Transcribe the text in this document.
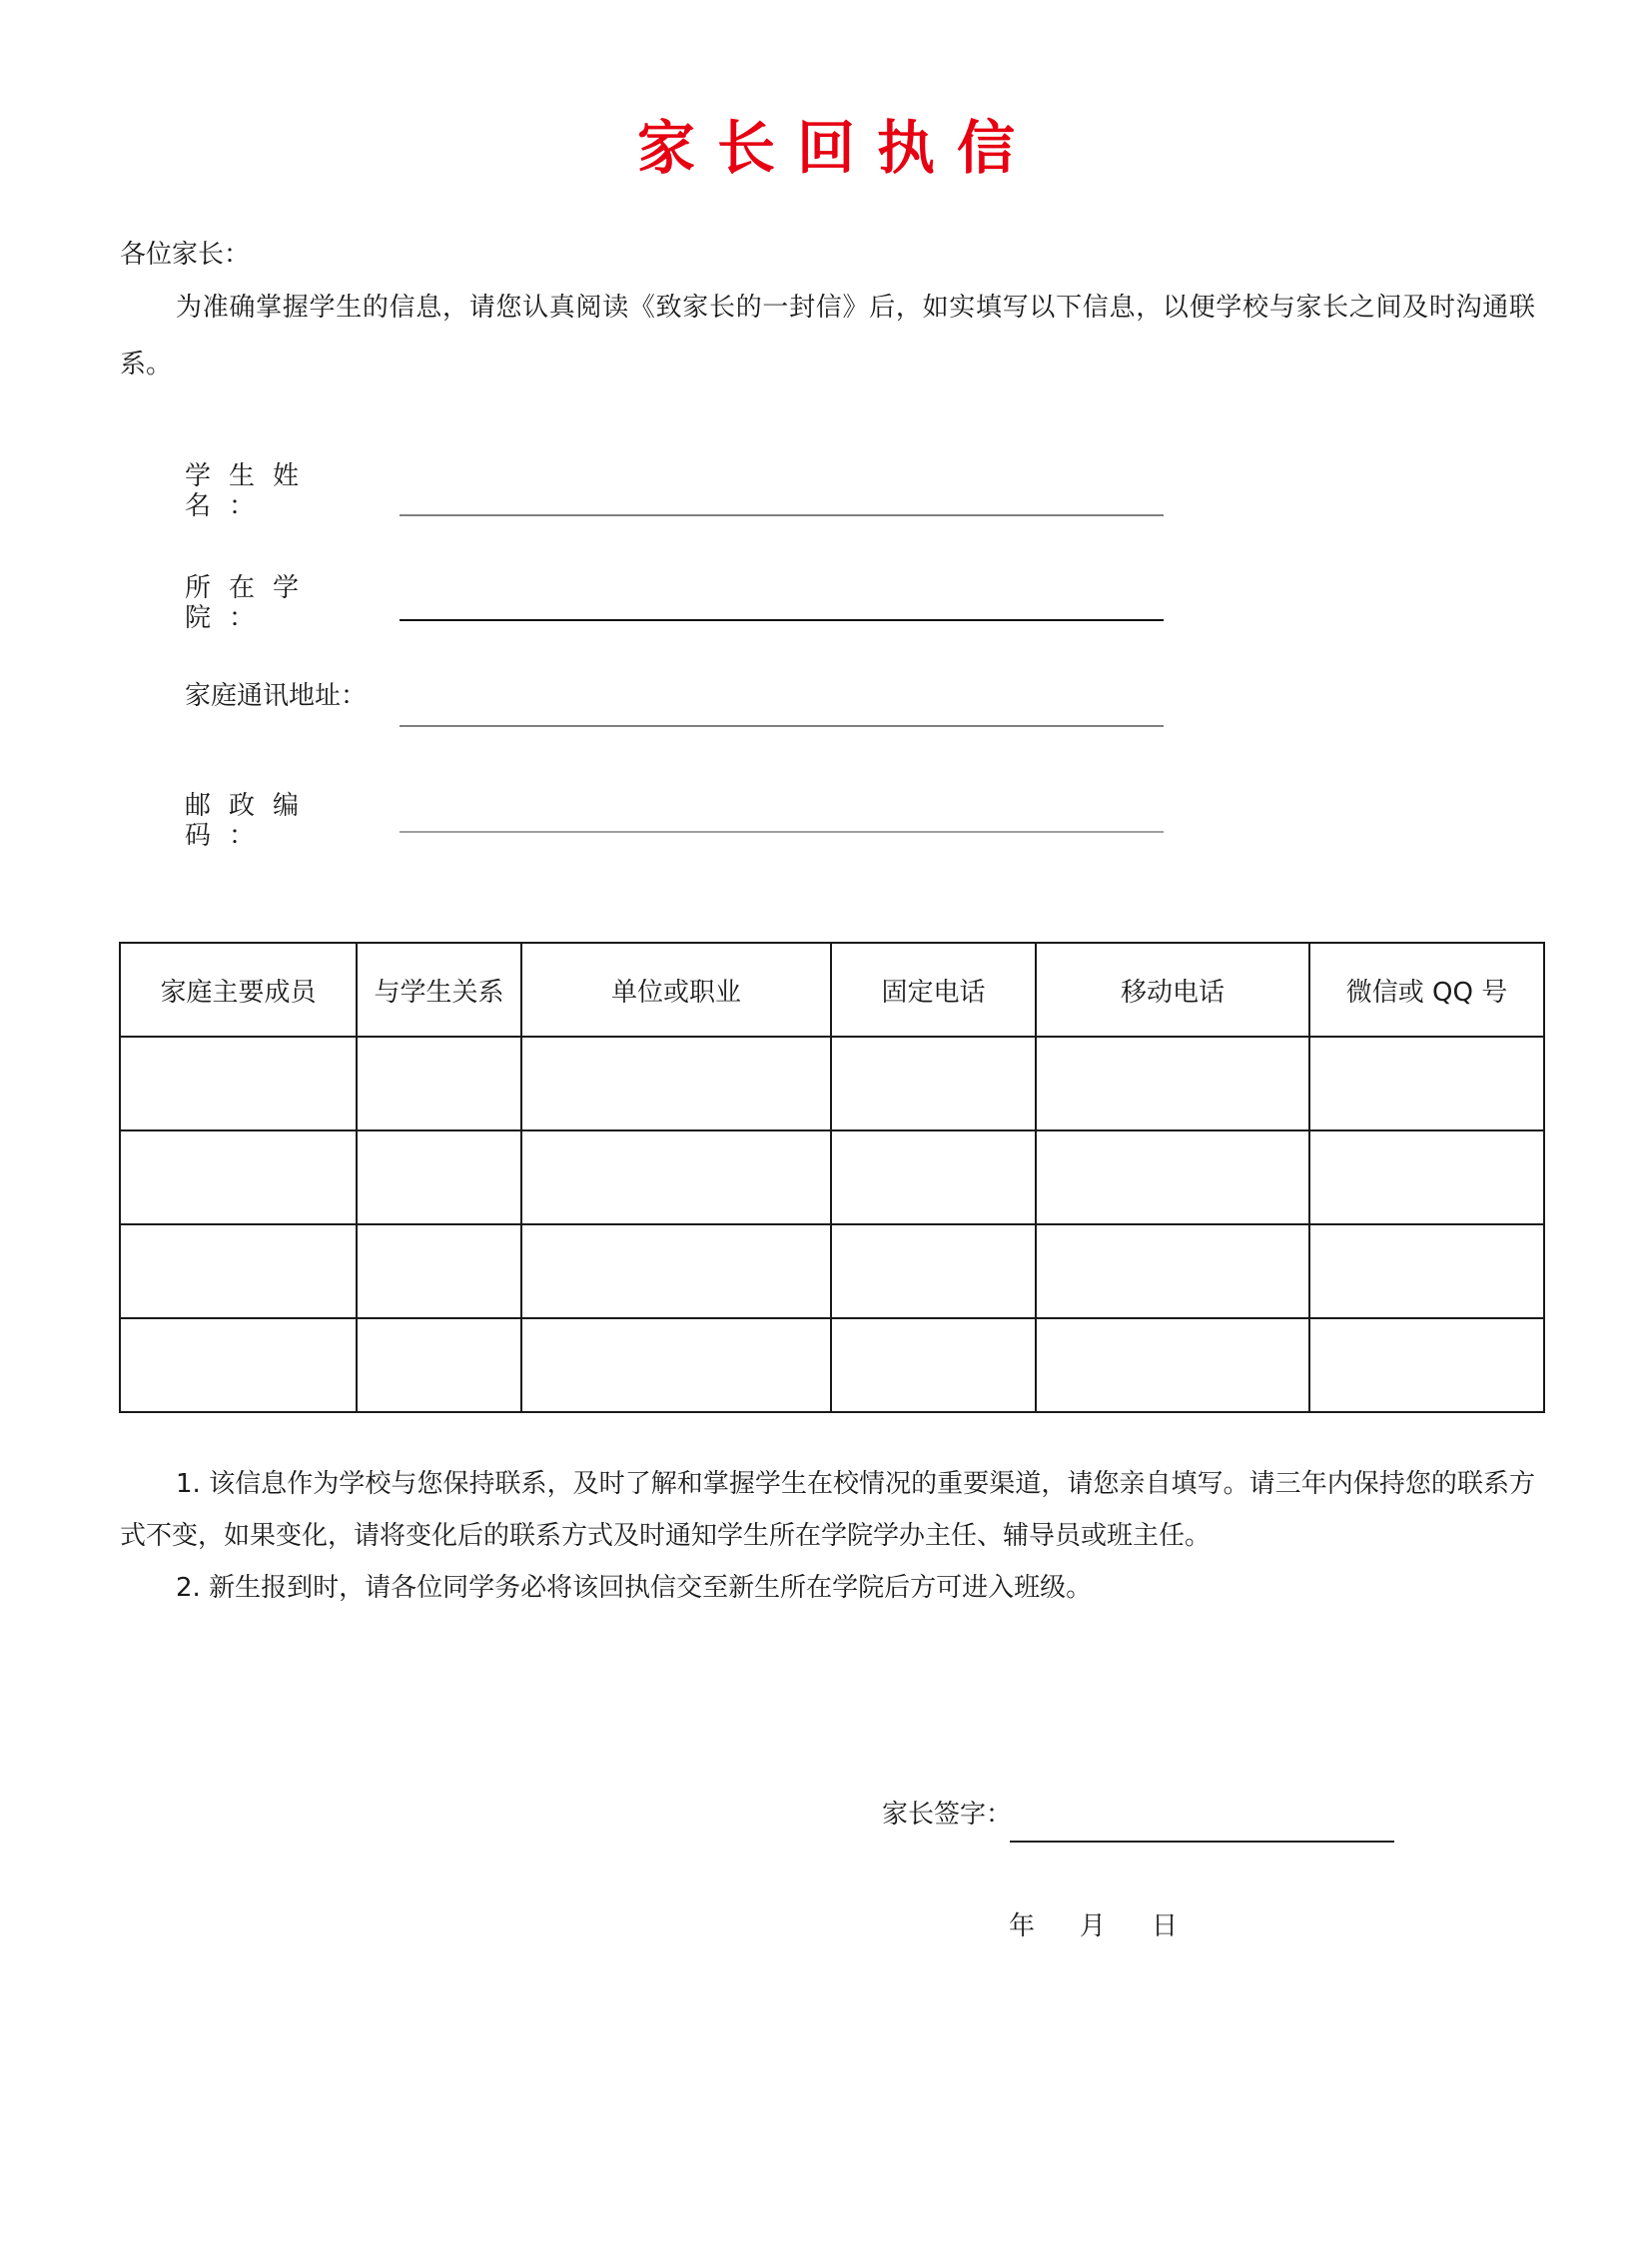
家长回执信
各位家长：
为准确掌握学生的信息，请您认真阅读《致家长的一封信》后，如实填写以下信息，以便学校与家长之间及时沟通联系。
学生姓名：
所在学院：
家庭通讯地址：
邮政编码：
家庭主要成员	与学生关系	单位或职业	固定电话	移动电话	微信或 QQ 号

1. 该信息作为学校与您保持联系，及时了解和掌握学生在校情况的重要渠道，请您亲自填写。请三年内保持您的联系方式不变，如果变化，请将变化后的联系方式及时通知学生所在学院学办主任、辅导员或班主任。

2. 新生报到时，请各位同学务必将该回执信交至新生所在学院后方可进入班级。

家长签字：
年 月 日
